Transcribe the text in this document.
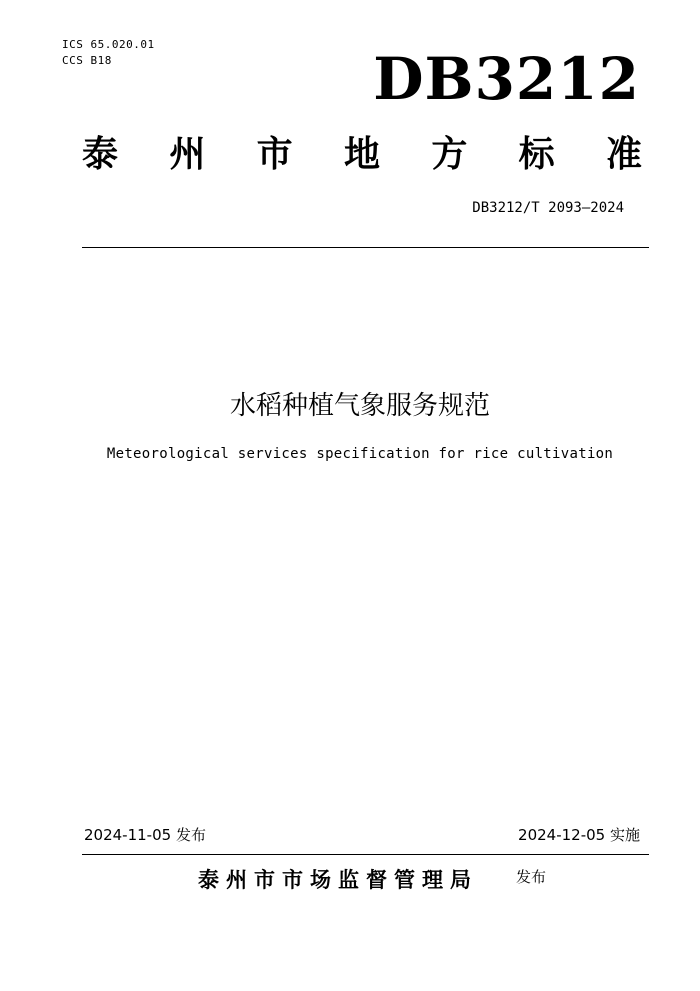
ICS 65.020.01
CCS B18	DB3212
泰 州 市 地 方 标 准
DB3212/T 2093—2024
水稻种植气象服务规范
Meteorological services specification for rice cultivation
2024-11-05 发布	2024-12-05 实施
泰州市市场监督管理局	发布
